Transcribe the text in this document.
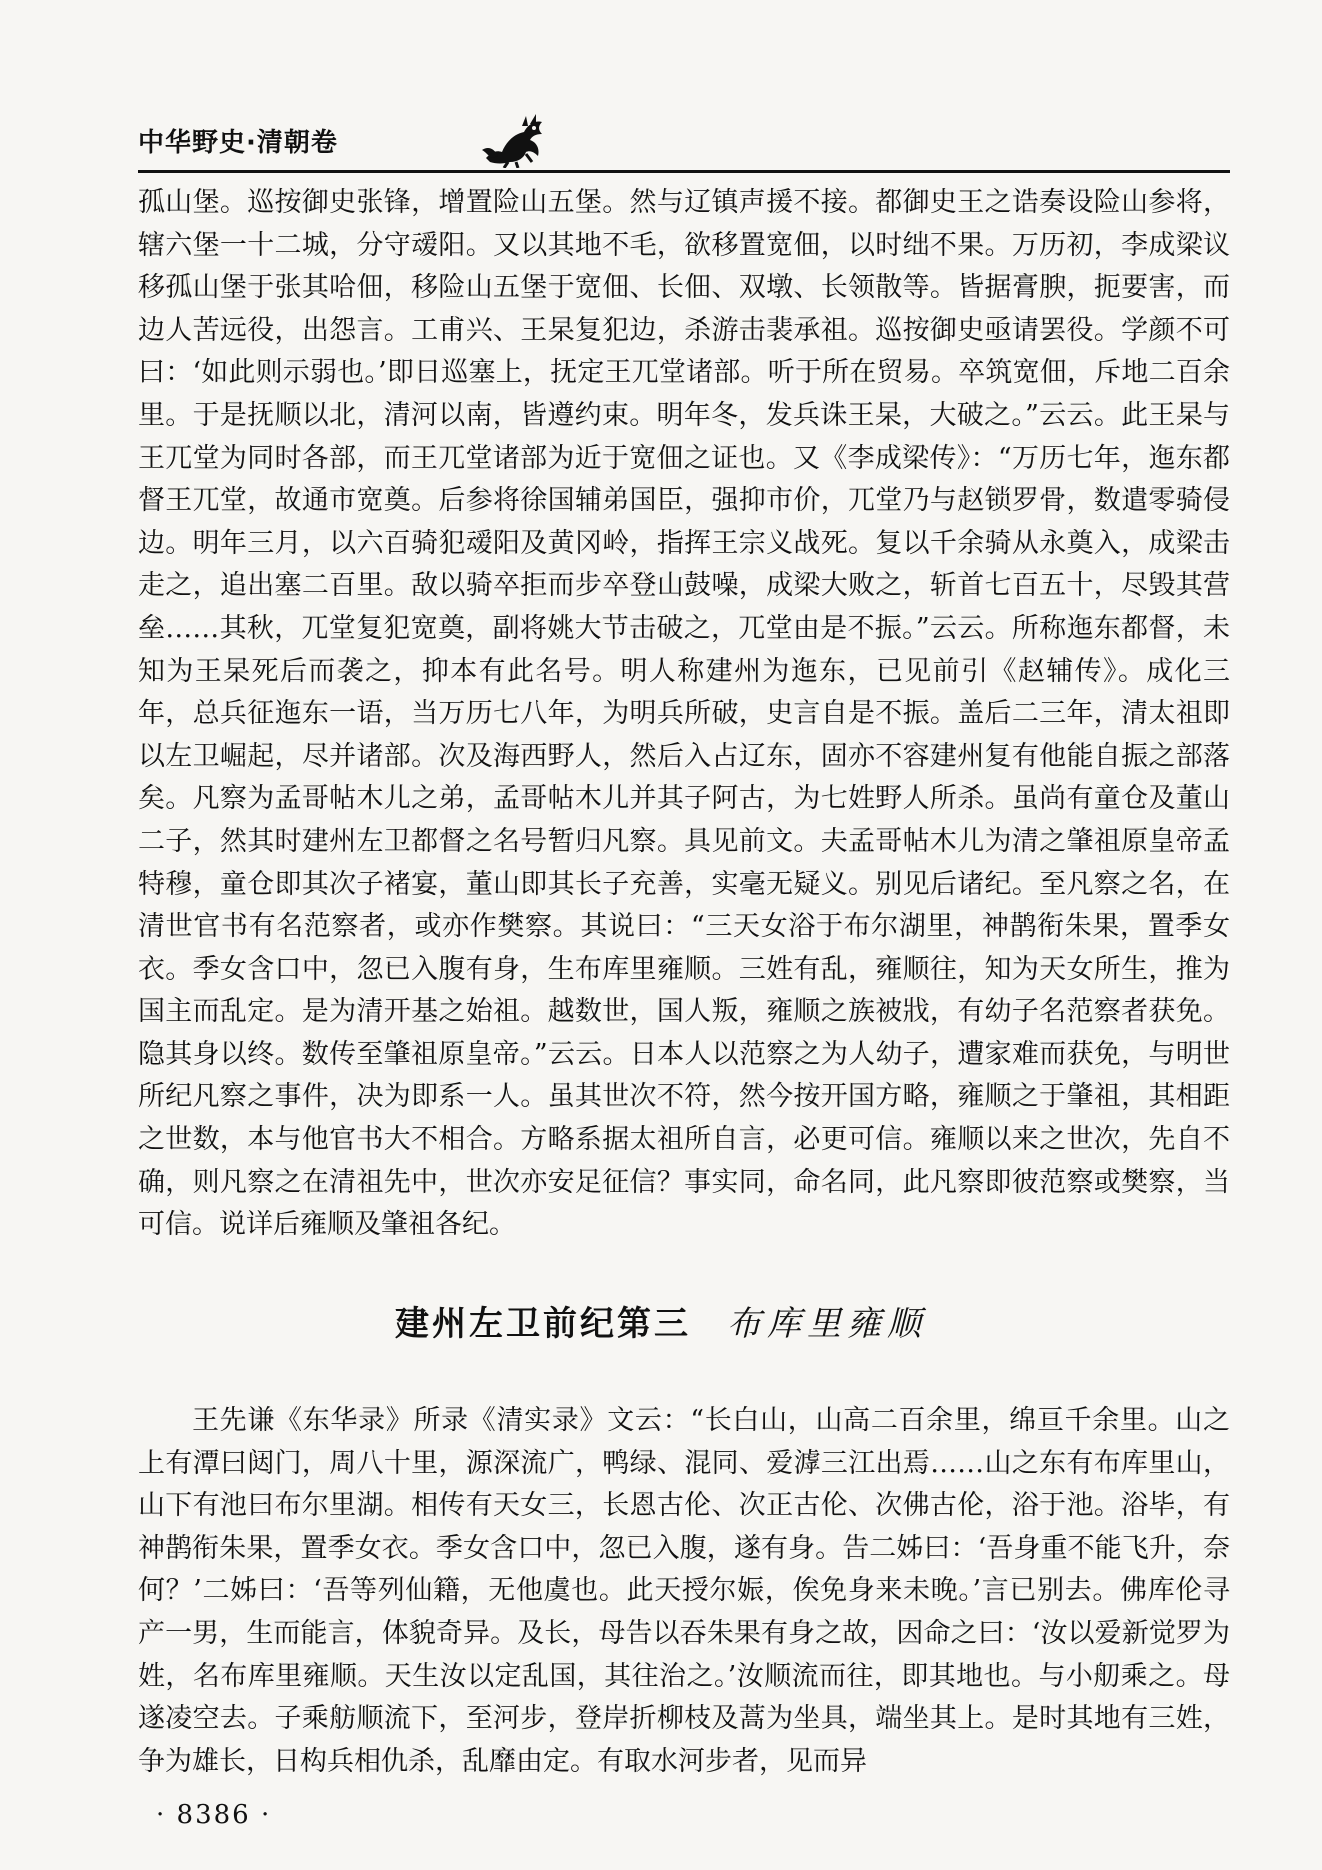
中华野史·清朝卷

孤山堡。巡按御史张锋，增置险山五堡。然与辽镇声援不接。都御史王之诰奏设险山参将，辖六堡一十二城，分守叆阳。又以其地不毛，欲移置宽佃，以时绌不果。万历初，李成梁议移孤山堡于张其哈佃，移险山五堡于宽佃、长佃、双墩、长领散等。皆据膏腴，扼要害，而边人苦远役，出怨言。工甫兴、王杲复犯边，杀游击裴承祖。巡按御史亟请罢役。学颜不可曰：‘如此则示弱也。’即日巡塞上，抚定王兀堂诸部。听于所在贸易。卒筑宽佃，斥地二百余里。于是抚顺以北，清河以南，皆遵约束。明年冬，发兵诛王杲，大破之。”云云。此王杲与王兀堂为同时各部，而王兀堂诸部为近于宽佃之证也。又《李成梁传》：“万历七年，迤东都督王兀堂，故通市宽奠。后参将徐国辅弟国臣，强抑市价，兀堂乃与赵锁罗骨，数遣零骑侵边。明年三月，以六百骑犯叆阳及黄冈岭，指挥王宗义战死。复以千余骑从永奠入，成梁击走之，追出塞二百里。敌以骑卒拒而步卒登山鼓噪，成梁大败之，斩首七百五十，尽毁其营垒……其秋，兀堂复犯宽奠，副将姚大节击破之，兀堂由是不振。”云云。所称迤东都督，未知为王杲死后而袭之，抑本有此名号。明人称建州为迤东，已见前引《赵辅传》。成化三年，总兵征迤东一语，当万历七八年，为明兵所破，史言自是不振。盖后二三年，清太祖即以左卫崛起，尽并诸部。次及海西野人，然后入占辽东，固亦不容建州复有他能自振之部落矣。凡察为孟哥帖木儿之弟，孟哥帖木儿并其子阿古，为七姓野人所杀。虽尚有童仓及董山二子，然其时建州左卫都督之名号暂归凡察。具见前文。夫孟哥帖木儿为清之肇祖原皇帝孟特穆，童仓即其次子褚宴，董山即其长子充善，实毫无疑义。别见后诸纪。至凡察之名，在清世官书有名范察者，或亦作樊察。其说曰：“三天女浴于布尔湖里，神鹊衔朱果，置季女衣。季女含口中，忽已入腹有身，生布库里雍顺。三姓有乱，雍顺往，知为天女所生，推为国主而乱定。是为清开基之始祖。越数世，国人叛，雍顺之族被戕，有幼子名范察者获免。隐其身以终。数传至肇祖原皇帝。”云云。日本人以范察之为人幼子，遭家难而获免，与明世所纪凡察之事件，决为即系一人。虽其世次不符，然今按开国方略，雍顺之于肇祖，其相距之世数，本与他官书大不相合。方略系据太祖所自言，必更可信。雍顺以来之世次，先自不确，则凡察之在清祖先中，世次亦安足征信？事实同，命名同，此凡察即彼范察或樊察，当可信。说详后雍顺及肇祖各纪。

建州左卫前纪第三 布库里雍顺

王先谦《东华录》所录《清实录》文云：“长白山，山高二百余里，绵亘千余里。山之上有潭曰闼门，周八十里，源深流广，鸭绿、混同、爱滹三江出焉……山之东有布库里山，山下有池曰布尔里湖。相传有天女三，长恩古伦、次正古伦、次佛古伦，浴于池。浴毕，有神鹊衔朱果，置季女衣。季女含口中，忽已入腹，遂有身。告二姊曰：‘吾身重不能飞升，奈何？’二姊曰：‘吾等列仙籍，无他虞也。此天授尔娠，俟免身来未晚。’言已别去。佛库伦寻产一男，生而能言，体貌奇异。及长，母告以吞朱果有身之故，因命之曰：‘汝以爱新觉罗为姓，名布库里雍顺。天生汝以定乱国，其往治之。’汝顺流而往，即其地也。与小舠乘之。母遂凌空去。子乘舫顺流下，至河步，登岸折柳枝及蒿为坐具，端坐其上。是时其地有三姓，争为雄长，日构兵相仇杀，乱靡由定。有取水河步者，见而异

· 8386 ·
